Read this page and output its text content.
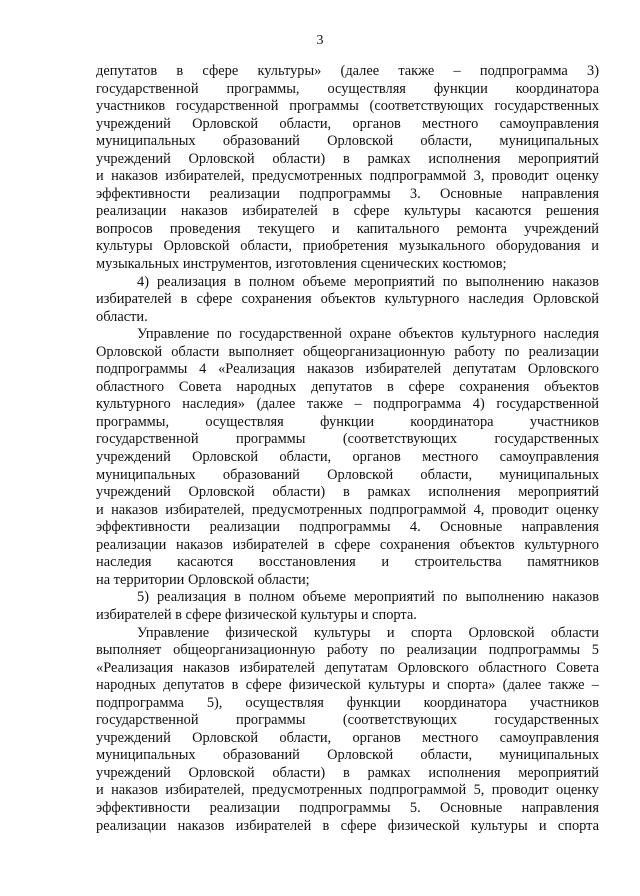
3
депутатов в сфере культуры» (далее также – подпрограмма 3)
государственной программы, осуществляя функции координатора
участников государственной программы (соответствующих государственных
учреждений Орловской области, органов местного самоуправления
муниципальных образований Орловской области, муниципальных
учреждений Орловской области) в рамках исполнения мероприятий
и наказов избирателей, предусмотренных подпрограммой 3, проводит оценку
эффективности реализации подпрограммы 3. Основные направления
реализации наказов избирателей в сфере культуры касаются решения
вопросов проведения текущего и капитального ремонта учреждений
культуры Орловской области, приобретения музыкального оборудования и
музыкальных инструментов, изготовления сценических костюмов;
4) реализация в полном объеме мероприятий по выполнению наказов
избирателей в сфере сохранения объектов культурного наследия Орловской
области.
Управление по государственной охране объектов культурного наследия
Орловской области выполняет общеорганизационную работу по реализации
подпрограммы 4 «Реализация наказов избирателей депутатам Орловского
областного Совета народных депутатов в сфере сохранения объектов
культурного наследия» (далее также – подпрограмма 4) государственной
программы, осуществляя функции координатора участников
государственной программы (соответствующих государственных
учреждений Орловской области, органов местного самоуправления
муниципальных образований Орловской области, муниципальных
учреждений Орловской области) в рамках исполнения мероприятий
и наказов избирателей, предусмотренных подпрограммой 4, проводит оценку
эффективности реализации подпрограммы 4. Основные направления
реализации наказов избирателей в сфере сохранения объектов культурного
наследия касаются восстановления и строительства памятников
на территории Орловской области;
5) реализация в полном объеме мероприятий по выполнению наказов
избирателей в сфере физической культуры и спорта.
Управление физической культуры и спорта Орловской области
выполняет общеорганизационную работу по реализации подпрограммы 5
«Реализация наказов избирателей депутатам Орловского областного Совета
народных депутатов в сфере физической культуры и спорта» (далее также –
подпрограмма 5), осуществляя функции координатора участников
государственной программы (соответствующих государственных
учреждений Орловской области, органов местного самоуправления
муниципальных образований Орловской области, муниципальных
учреждений Орловской области) в рамках исполнения мероприятий
и наказов избирателей, предусмотренных подпрограммой 5, проводит оценку
эффективности реализации подпрограммы 5. Основные направления
реализации наказов избирателей в сфере физической культуры и спорта
